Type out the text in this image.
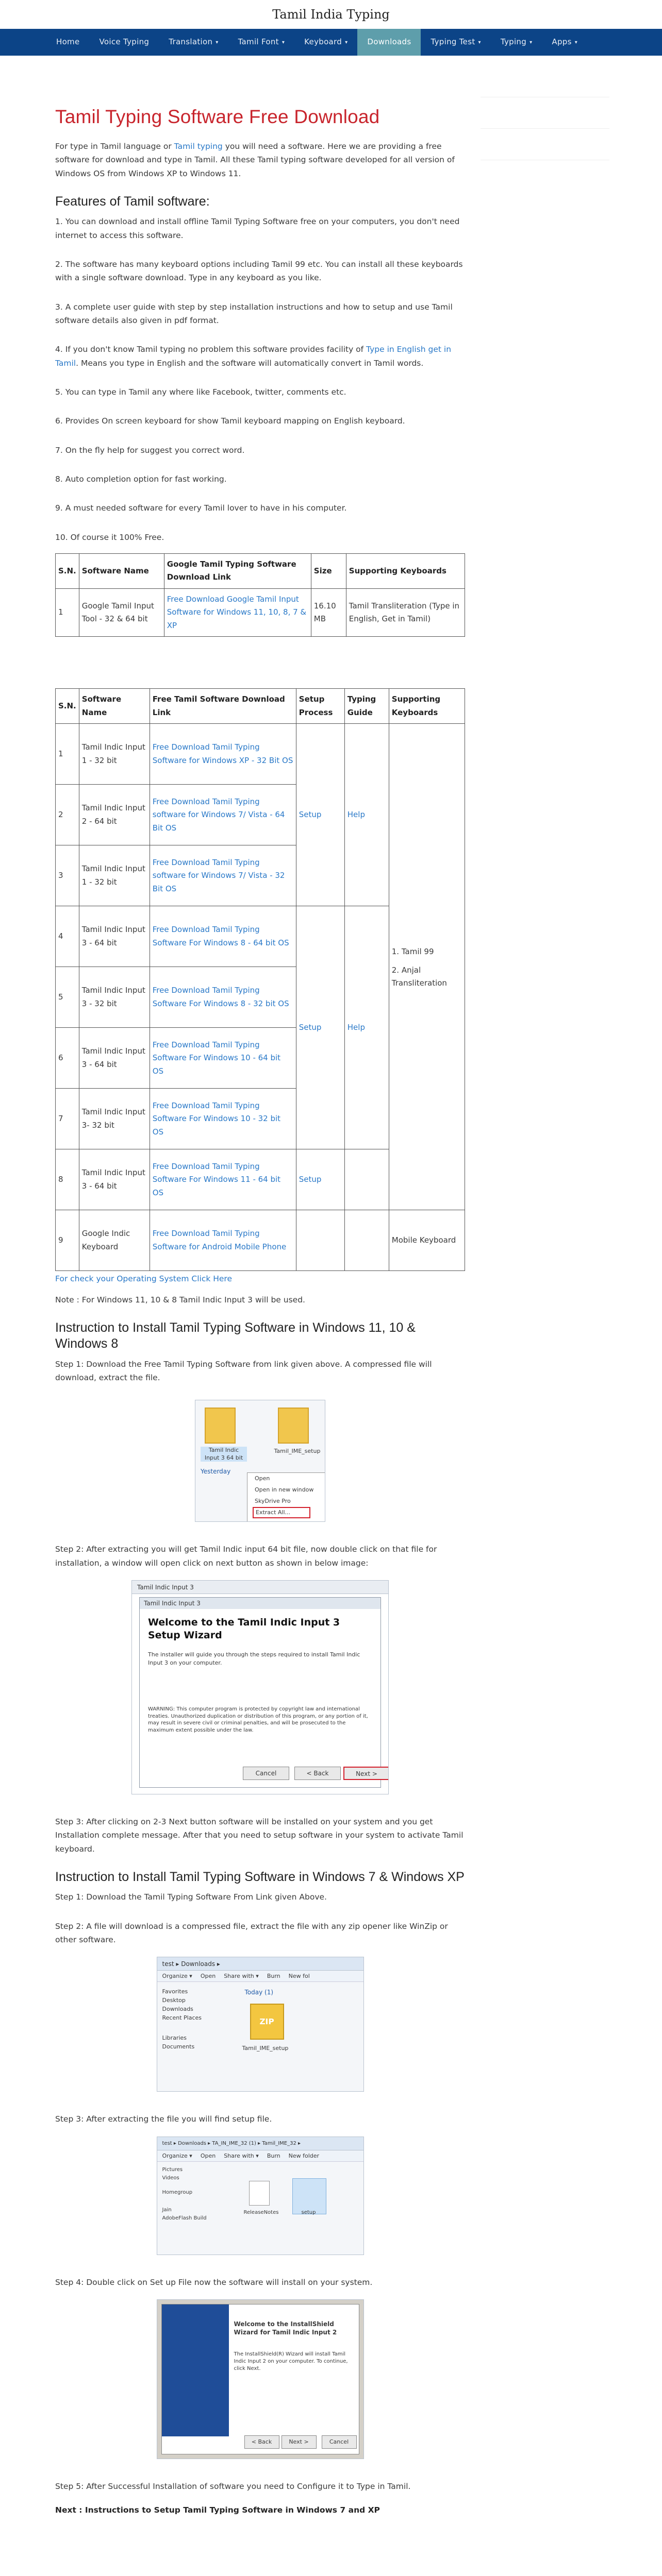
Tamil India Typing
Home	Voice Typing	Translation ▾	Tamil Font ▾	Keyboard ▾	Downloads	Typing Test ▾	Typing ▾	Apps ▾
Tamil Typing Software Free Download

For type in Tamil language or Tamil typing you will need a software. Here we are providing a free software for download and type in Tamil. All these Tamil typing software developed for all version of Windows OS from Windows XP to Windows 11.

Features of Tamil software:

1. You can download and install offline Tamil Typing Software free on your computers, you don't need internet to access this software.

2. The software has many keyboard options including Tamil 99 etc. You can install all these keyboards with a single software download. Type in any keyboard as you like.

3. A complete user guide with step by step installation instructions and how to setup and use Tamil software details also given in pdf format.

4. If you don't know Tamil typing no problem this software provides facility of Type in English get in Tamil. Means you type in English and the software will automatically convert in Tamil words.

5. You can type in Tamil any where like Facebook, twitter, comments etc.

6. Provides On screen keyboard for show Tamil keyboard mapping on English keyboard.

7. On the fly help for suggest you correct word.

8. Auto completion option for fast working.

9. A must needed software for every Tamil lover to have in his computer.

10. Of course it 100% Free.

S.N.	Software Name	Google Tamil Typing Software Download Link	Size	Supporting Keyboards
1	Google Tamil Input Tool - 32 & 64 bit	Free Download Google Tamil Input Software for Windows 11, 10, 8, 7 & XP	16.10 MB	Tamil Transliteration (Type in English, Get in Tamil)
S.N.	Software Name	Free Tamil Software Download Link	Setup Process	Typing Guide	Supporting Keyboards
1	Tamil Indic Input 1 - 32 bit	Free Download Tamil Typing Software for Windows XP - 32 Bit OS	Setup	Help	1. Tamil 99
2. Anjal Transliteration

2	Tamil Indic Input 2 - 64 bit	Free Download Tamil Typing software for Windows 7/ Vista - 64 Bit OS			
3	Tamil Indic Input 1 - 32 bit	Free Download Tamil Typing software for Windows 7/ Vista - 32 Bit OS			
4	Tamil Indic Input 3 - 64 bit	Free Download Tamil Typing Software For Windows 8 - 64 bit OS	Setup	Help	
5	Tamil Indic Input 3 - 32 bit	Free Download Tamil Typing Software For Windows 8 - 32 bit OS			
6	Tamil Indic Input 3 - 64 bit	Free Download Tamil Typing Software For Windows 10 - 64 bit OS			
7	Tamil Indic Input 3- 32 bit	Free Download Tamil Typing Software For Windows 10 - 32 bit OS			
8	Tamil Indic Input 3 - 64 bit	Free Download Tamil Typing Software For Windows 11 - 64 bit OS	Setup		
9	Google Indic Keyboard	Free Download Tamil Typing Software for Android Mobile Phone			Mobile Keyboard
For check your Operating System Click Here

Note : For Windows 11, 10 & 8 Tamil Indic Input 3 will be used.

Instruction to Install Tamil Typing Software in Windows 11, 10 & Windows 8

Step 1: Download the Free Tamil Typing Software from link given above. A compressed file will download, extract the file.

Tamil Indic Input 3 64 bit
Tamil_IME_setup
Yesterday
Open
Open in new window
SkyDrive Pro
Extract All...

Step 2: After extracting you will get Tamil Indic input 64 bit file, now double click on that file for installation, a window will open click on next button as shown in below image:

Tamil Indic Input 3
Tamil Indic Input 3
Welcome to the Tamil Indic Input 3 Setup Wizard
The installer will guide you through the steps required to install Tamil Indic Input 3 on your computer.
WARNING: This computer program is protected by copyright law and international treaties. Unauthorized duplication or distribution of this program, or any portion of it, may result in severe civil or criminal penalties, and will be prosecuted to the maximum extent possible under the law.
Cancel	< Back	Next >

Step 3: After clicking on 2-3 Next button software will be installed on your system and you get Installation complete message. After that you need to setup software in your system to activate Tamil keyboard.

Instruction to Install Tamil Typing Software in Windows 7 & Windows XP

Step 1: Download the Tamil Typing Software From Link given Above.

Step 2: A file will download is a compressed file, extract the file with any zip opener like WinZip or other software.

test ▸ Downloads ▸
Organize ▾ Open Share with ▾ Burn New fol
Favorites
Desktop
Downloads
Recent Places
Libraries
Documents
Today (1)
ZIP
Tamil_IME_setup

Step 3: After extracting the file you will find setup file.

test ▸ Downloads ▸ TA_IN_IME_32 (1) ▸ Tamil_IME_32 ▸
Organize ▾ Open Share with ▾ Burn New folder
Pictures
Videos
Homegroup
Jain
AdobeFlash Build
ReleaseNotes	setup

Step 4: Double click on Set up File now the software will install on your system.

Welcome to the InstallShield Wizard for Tamil Indic Input 2
The InstallShield(R) Wizard will install Tamil Indic Input 2 on your computer. To continue, click Next.
< Back	Next >	Cancel

Step 5: After Successful Installation of software you need to Configure it to Type in Tamil.

Next : Instructions to Setup Tamil Typing Software in Windows 7 and XP
